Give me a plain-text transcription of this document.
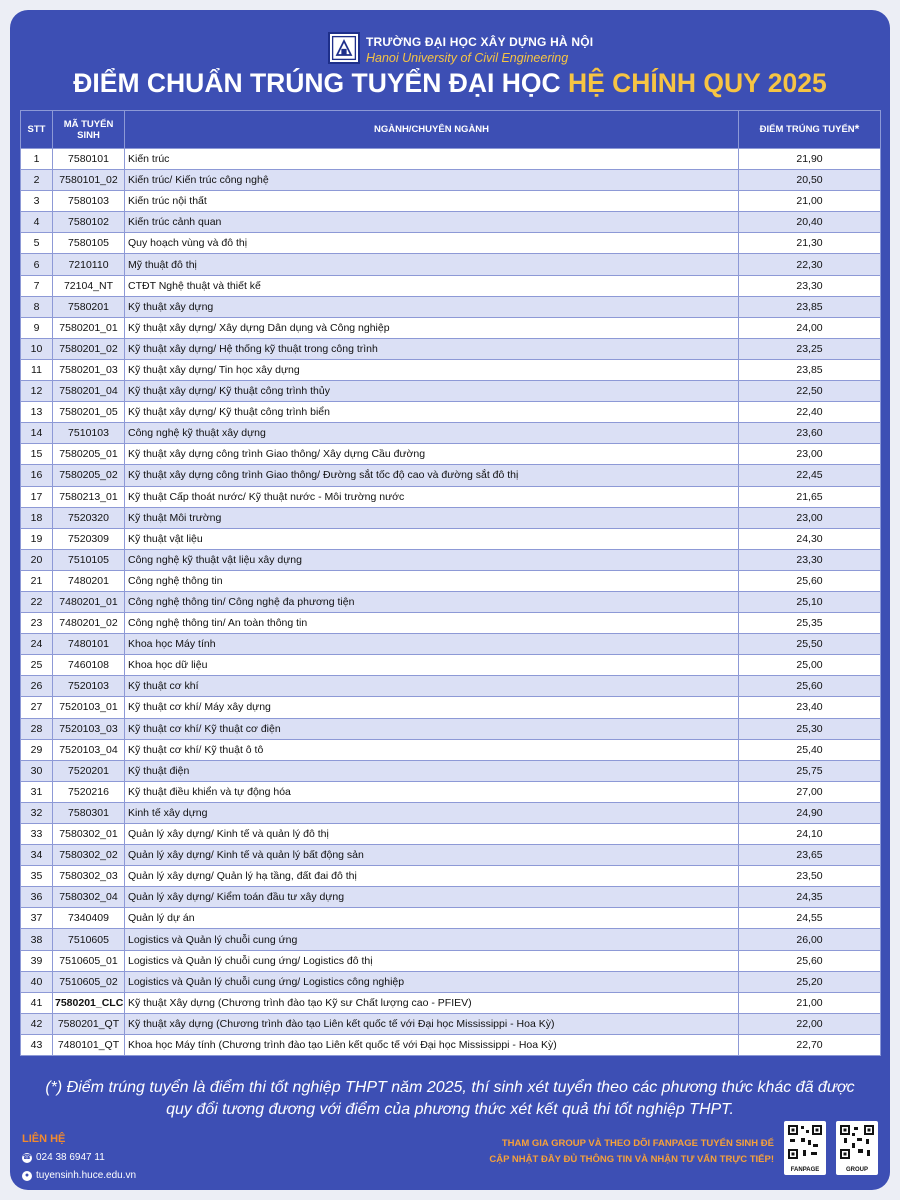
TRƯỜNG ĐẠI HỌC XÂY DỰNG HÀ NỘI
Hanoi University of Civil Engineering
ĐIỂM CHUẨN TRÚNG TUYỂN ĐẠI HỌC HỆ CHÍNH QUY 2025
STT	MÃ TUYỂN SINH	NGÀNH/CHUYÊN NGÀNH	ĐIỂM TRÚNG TUYỂN*
1	7580101	Kiến trúc	21,90
2	7580101_02	Kiến trúc/ Kiến trúc công nghệ	20,50
3	7580103	Kiến trúc nội thất	21,00
4	7580102	Kiến trúc cảnh quan	20,40
5	7580105	Quy hoạch vùng và đô thị	21,30
6	7210110	Mỹ thuật đô thị	22,30
7	72104_NT	CTĐT Nghệ thuật và thiết kế	23,30
8	7580201	Kỹ thuật xây dựng	23,85
9	7580201_01	Kỹ thuật xây dựng/ Xây dựng Dân dụng và Công nghiệp	24,00
10	7580201_02	Kỹ thuật xây dựng/ Hệ thống kỹ thuật trong công trình	23,25
11	7580201_03	Kỹ thuật xây dựng/ Tin học xây dựng	23,85
12	7580201_04	Kỹ thuật xây dựng/ Kỹ thuật công trình thủy	22,50
13	7580201_05	Kỹ thuật xây dựng/ Kỹ thuật công trình biển	22,40
14	7510103	Công nghệ kỹ thuật xây dựng	23,60
15	7580205_01	Kỹ thuật xây dựng công trình Giao thông/ Xây dựng Cầu đường	23,00
16	7580205_02	Kỹ thuật xây dựng công trình Giao thông/ Đường sắt tốc độ cao và đường sắt đô thị	22,45
17	7580213_01	Kỹ thuật Cấp thoát nước/ Kỹ thuật nước - Môi trường nước	21,65
18	7520320	Kỹ thuật Môi trường	23,00
19	7520309	Kỹ thuật vật liệu	24,30
20	7510105	Công nghệ kỹ thuật vật liệu xây dựng	23,30
21	7480201	Công nghệ thông tin	25,60
22	7480201_01	Công nghệ thông tin/ Công nghệ đa phương tiện	25,10
23	7480201_02	Công nghệ thông tin/ An toàn thông tin	25,35
24	7480101	Khoa học Máy tính	25,50
25	7460108	Khoa học dữ liệu	25,00
26	7520103	Kỹ thuật cơ khí	25,60
27	7520103_01	Kỹ thuật cơ khí/ Máy xây dựng	23,40
28	7520103_03	Kỹ thuật cơ khí/ Kỹ thuật cơ điện	25,30
29	7520103_04	Kỹ thuật cơ khí/ Kỹ thuật ô tô	25,40
30	7520201	Kỹ thuật điện	25,75
31	7520216	Kỹ thuật điều khiển và tự động hóa	27,00
32	7580301	Kinh tế xây dựng	24,90
33	7580302_01	Quản lý xây dựng/ Kinh tế và quản lý đô thị	24,10
34	7580302_02	Quản lý xây dựng/ Kinh tế và quản lý bất động sản	23,65
35	7580302_03	Quản lý xây dựng/ Quản lý hạ tầng, đất đai đô thị	23,50
36	7580302_04	Quản lý xây dựng/ Kiểm toán đầu tư xây dựng	24,35
37	7340409	Quản lý dự án	24,55
38	7510605	Logistics và Quản lý chuỗi cung ứng	26,00
39	7510605_01	Logistics và Quản lý chuỗi cung ứng/ Logistics đô thị	25,60
40	7510605_02	Logistics và Quản lý chuỗi cung ứng/ Logistics công nghiệp	25,20
41	7580201_CLC	Kỹ thuật Xây dựng (Chương trình đào tạo Kỹ sư Chất lượng cao - PFIEV)	21,00
42	7580201_QT	Kỹ thuật xây dựng (Chương trình đào tạo Liên kết quốc tế với Đại học Mississippi - Hoa Kỳ)	22,00
43	7480101_QT	Khoa học Máy tính (Chương trình đào tạo Liên kết quốc tế với Đại học Mississippi - Hoa Kỳ)	22,70
(*) Điểm trúng tuyển là điểm thi tốt nghiệp THPT năm 2025, thí sinh xét tuyển theo các phương thức khác đã được
quy đổi tương đương với điểm của phương thức xét kết quả thi tốt nghiệp THPT.
LIÊN HỆ
☎ 024 38 6947 11
● tuyensinh.huce.edu.vn
THAM GIA GROUP VÀ THEO DÕI FANPAGE TUYỂN SINH ĐỂ
CẬP NHẬT ĐẦY ĐỦ THÔNG TIN VÀ NHẬN TƯ VẤN TRỰC TIẾP!
FANPAGE	GROUP
